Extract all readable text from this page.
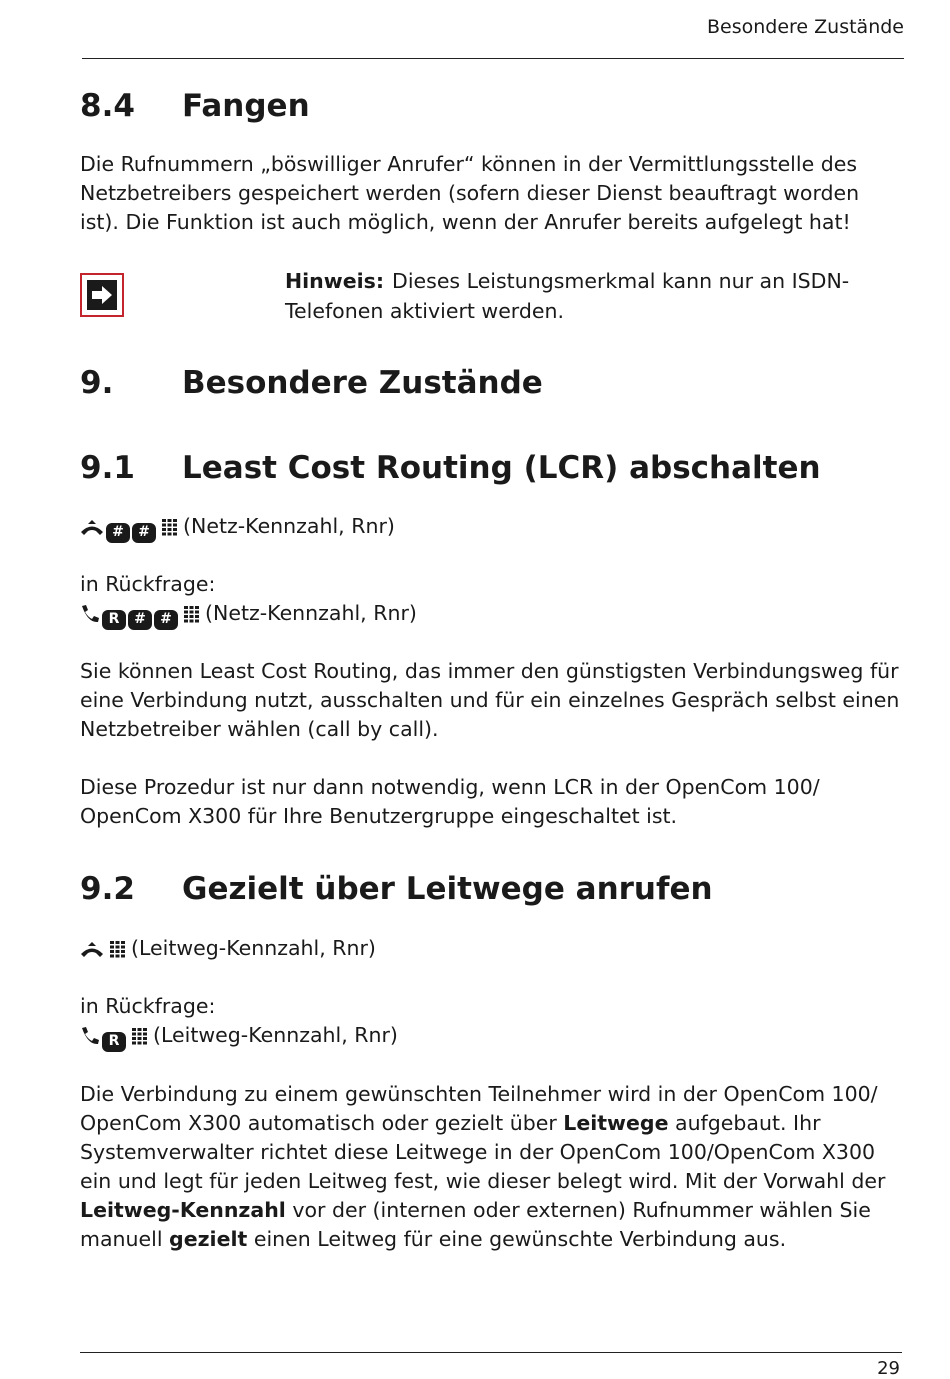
Besondere Zustände
29
8.4 Fangen

Die Rufnummern „böswilliger Anrufer“ können in der Vermittlungsstelle des Netzbetreibers gespeichert werden (sofern dieser Dienst beauftragt worden ist). Die Funktion ist auch möglich, wenn der Anrufer bereits aufgelegt hat!

Hinweis: Dieses Leistungsmerkmal kann nur an ISDN-Telefonen aktiviert werden.
9. Besondere Zustände
9.1 Least Cost Routing (LCR) abschalten
# # (Netz-Kennzahl, Rnr)
in Rückfrage:
R # # (Netz-Kennzahl, Rnr)

Sie können Least Cost Routing, das immer den günstigsten Verbindungsweg für eine Verbindung nutzt, ausschalten und für ein einzelnes Gespräch selbst einen Netzbetreiber wählen (call by call).

Diese Prozedur ist nur dann notwendig, wenn LCR in der OpenCom 100/ OpenCom X300 für Ihre Benutzergruppe eingeschaltet ist.

9.2 Gezielt über Leitwege anrufen
(Leitweg-Kennzahl, Rnr)
in Rückfrage:
R (Leitweg-Kennzahl, Rnr)

Die Verbindung zu einem gewünschten Teilnehmer wird in der OpenCom 100/ OpenCom X300 automatisch oder gezielt über Leitwege aufgebaut. Ihr Systemverwalter richtet diese Leitwege in der OpenCom 100/OpenCom X300 ein und legt für jeden Leitweg fest, wie dieser belegt wird. Mit der Vorwahl der Leitweg-Kennzahl vor der (internen oder externen) Rufnummer wählen Sie manuell gezielt einen Leitweg für eine gewünschte Verbindung aus.
